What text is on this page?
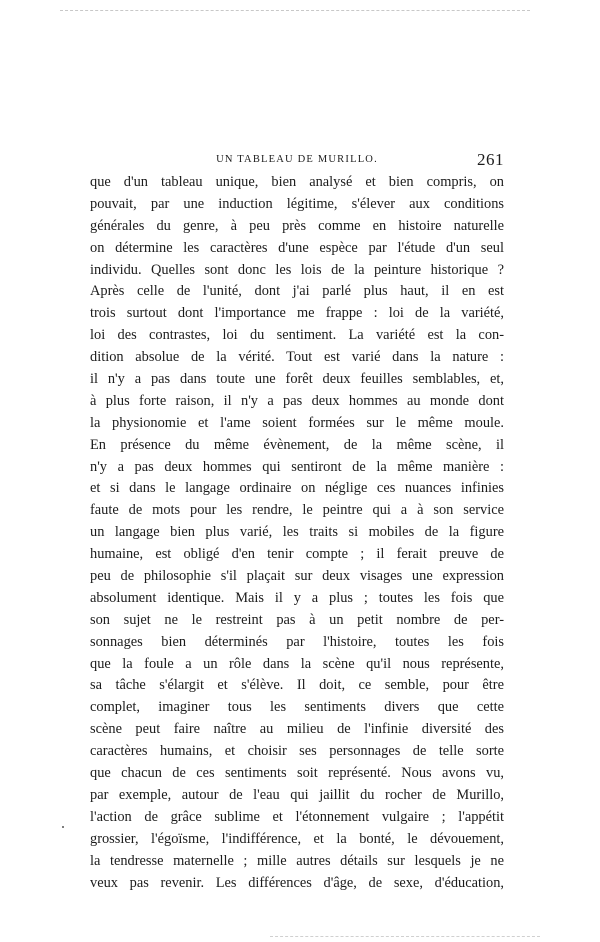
UN TABLEAU DE MURILLO.	261
que d'un tableau unique, bien analysé et bien compris, on
pouvait, par une induction légitime, s'élever aux conditions
générales du genre, à peu près comme en histoire naturelle
on détermine les caractères d'une espèce par l'étude d'un seul
individu. Quelles sont donc les lois de la peinture historique ?
Après celle de l'unité, dont j'ai parlé plus haut, il en est
trois surtout dont l'importance me frappe : loi de la variété,
loi des contrastes, loi du sentiment. La variété est la con-
dition absolue de la vérité. Tout est varié dans la nature :
il n'y a pas dans toute une forêt deux feuilles semblables, et,
à plus forte raison, il n'y a pas deux hommes au monde dont
la physionomie et l'ame soient formées sur le même moule.
En présence du même évènement, de la même scène, il
n'y a pas deux hommes qui sentiront de la même manière :
et si dans le langage ordinaire on néglige ces nuances infinies
faute de mots pour les rendre, le peintre qui a à son service
un langage bien plus varié, les traits si mobiles de la figure
humaine, est obligé d'en tenir compte ; il ferait preuve de
peu de philosophie s'il plaçait sur deux visages une expression
absolument identique. Mais il y a plus ; toutes les fois que
son sujet ne le restreint pas à un petit nombre de per-
sonnages bien déterminés par l'histoire, toutes les fois
que la foule a un rôle dans la scène qu'il nous représente,
sa tâche s'élargit et s'élève. Il doit, ce semble, pour être
complet, imaginer tous les sentiments divers que cette
scène peut faire naître au milieu de l'infinie diversité des
caractères humains, et choisir ses personnages de telle sorte
que chacun de ces sentiments soit représenté. Nous avons vu,
par exemple, autour de l'eau qui jaillit du rocher de Murillo,
l'action de grâce sublime et l'étonnement vulgaire ; l'appétit
grossier, l'égoïsme, l'indifférence, et la bonté, le dévouement,
la tendresse maternelle ; mille autres détails sur lesquels je ne
veux pas revenir. Les différences d'âge, de sexe, d'éducation,
